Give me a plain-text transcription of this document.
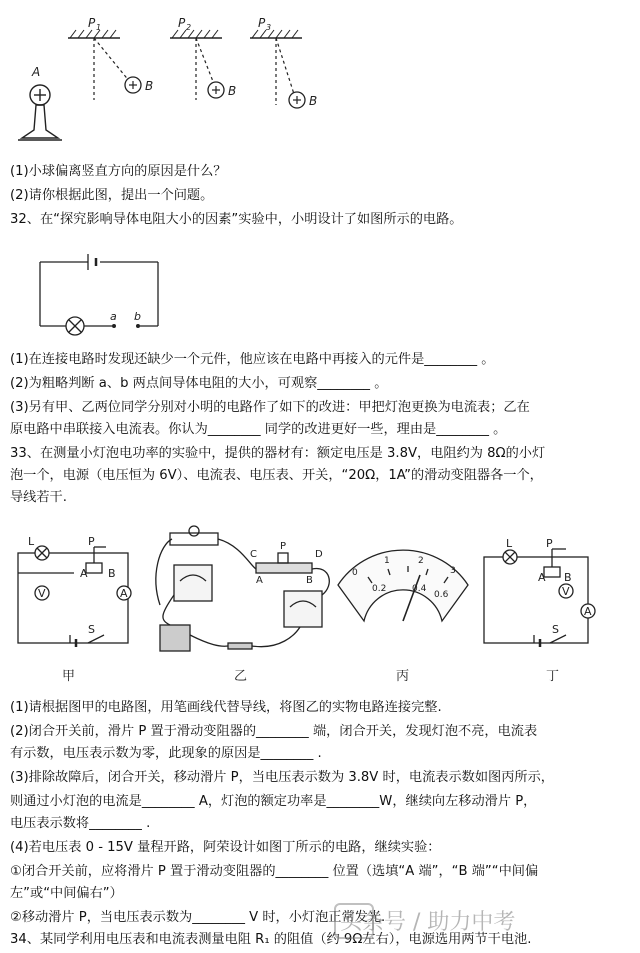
A
P 1	P 2	P 3
B	B
B
(1)小球偏离竖直方向的原因是什么？
(2)请你根据此图，提出一个问题。
32、在“探究影响导体电阻大小的因素”实验中，小明设计了如图所示的电路。
a b
(1)在连接电路时发现还缺少一个元件，他应该在电路中再接入的元件是________ 。
(2)为粗略判断 a、b 两点间导体电阻的大小，可观察________ 。
(3)另有甲、乙两位同学分别对小明的电路作了如下的改进：甲把灯泡更换为电流表；乙在
原电路中串联接入电流表。你认为________ 同学的改进更好一些，理由是________ 。
33、在测量小灯泡电功率的实验中，提供的器材有：额定电压是 3.8V，电阻约为 8Ω的小灯
泡一个，电源（电压恒为 6V）、电流表、电压表、开关，“20Ω，1A”的滑动变阻器各一个，
导线若干.
L	P
A B
V	A
S
甲
C
P
D
A	B
乙
0
1	2
3
0.2	0.4
0.6
丙
L	P
A B
V
A
S
丁
(1)请根据图甲的电路图，用笔画线代替导线，将图乙的实物电路连接完整.
(2)闭合开关前，滑片 P 置于滑动变阻器的________ 端，闭合开关，发现灯泡不亮，电流表
有示数，电压表示数为零，此现象的原因是________ .
(3)排除故障后，闭合开关，移动滑片 P，当电压表示数为 3.8V 时，电流表示数如图丙所示，
则通过小灯泡的电流是________ A，灯泡的额定功率是________W，继续向左移动滑片 P，
电压表示数将________ .
(4)若电压表 0 - 15V 量程开路，阿荣设计如图丁所示的电路，继续实验：
①闭合开关前，应将滑片 P 置于滑动变阻器的________ 位置（选填“A 端”，“B 端”“中间偏
左”或“中间偏右”）
②移动滑片 P，当电压表示数为________ V 时，小灯泡正常发光.
34、某同学利用电压表和电流表测量电阻 R₁ 的阻值（约 9Ω左右），电源选用两节干电池.
头条号 / 助力中考
